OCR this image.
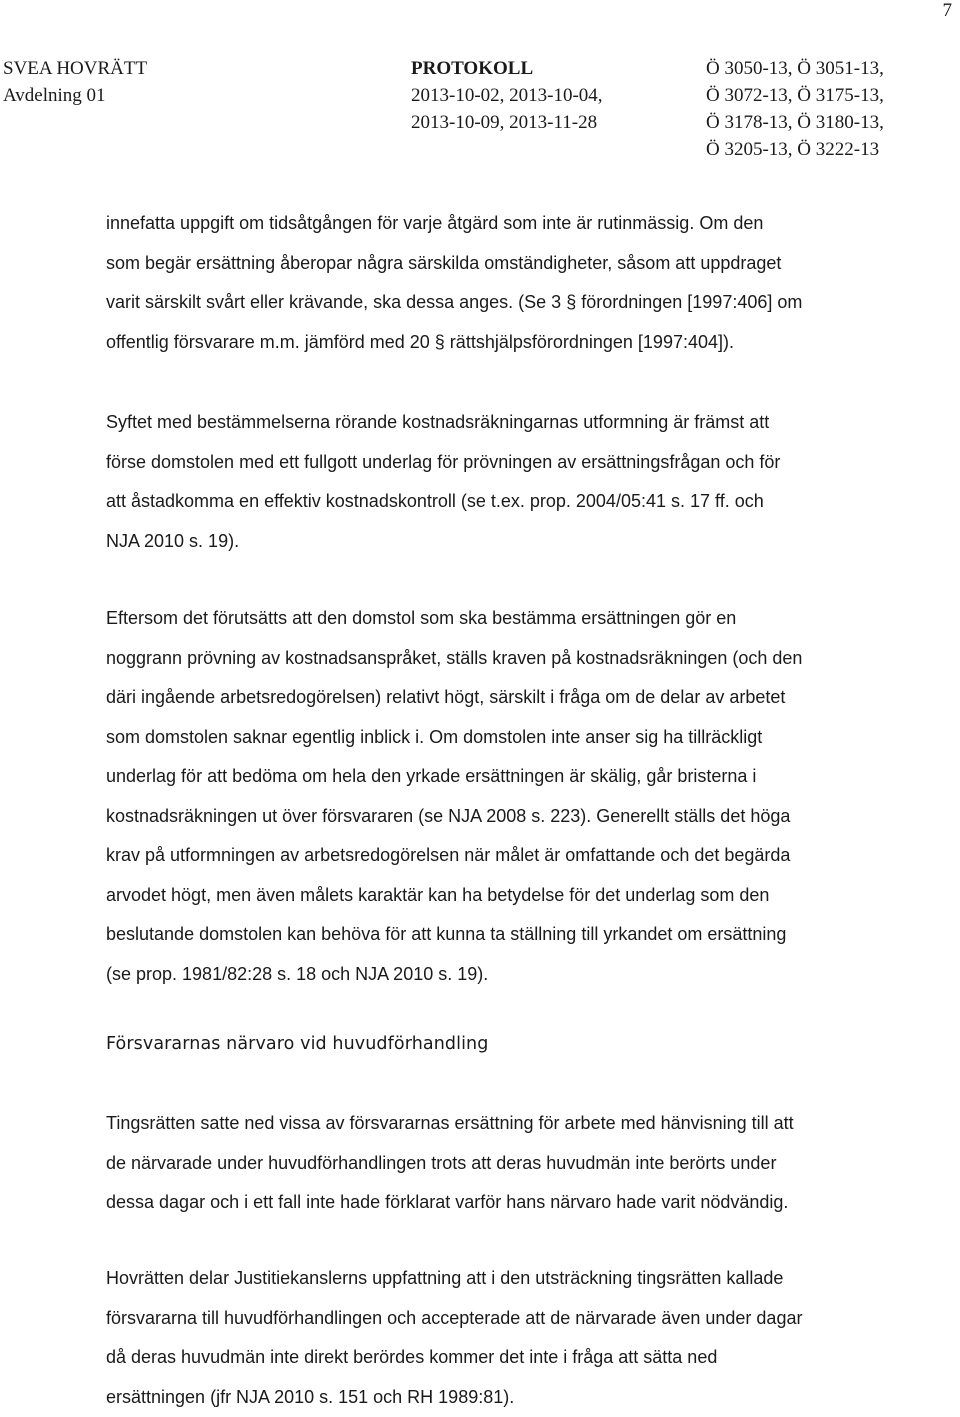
7
SVEA HOVRÄTT
Avdelning 01
PROTOKOLL
2013-10-02, 2013-10-04,
2013-10-09, 2013-11-28
Ö 3050-13, Ö 3051-13,
Ö 3072-13, Ö 3175-13,
Ö 3178-13, Ö 3180-13,
Ö 3205-13, Ö 3222-13
innefatta uppgift om tidsåtgången för varje åtgärd som inte är rutinmässig. Om den
som begär ersättning åberopar några särskilda omständigheter, såsom att uppdraget
varit särskilt svårt eller krävande, ska dessa anges. (Se 3 § förordningen [1997:406] om
offentlig försvarare m.m. jämförd med 20 § rättshjälpsförordningen [1997:404]).
Syftet med bestämmelserna rörande kostnadsräkningarnas utformning är främst att
förse domstolen med ett fullgott underlag för prövningen av ersättningsfrågan och för
att åstadkomma en effektiv kostnadskontroll (se t.ex. prop. 2004/05:41 s. 17 ff. och
NJA 2010 s. 19).
Eftersom det förutsätts att den domstol som ska bestämma ersättningen gör en
noggrann prövning av kostnadsanspråket, ställs kraven på kostnadsräkningen (och den
däri ingående arbetsredogörelsen) relativt högt, särskilt i fråga om de delar av arbetet
som domstolen saknar egentlig inblick i. Om domstolen inte anser sig ha tillräckligt
underlag för att bedöma om hela den yrkade ersättningen är skälig, går bristerna i
kostnadsräkningen ut över försvararen (se NJA 2008 s. 223). Generellt ställs det höga
krav på utformningen av arbetsredogörelsen när målet är omfattande och det begärda
arvodet högt, men även målets karaktär kan ha betydelse för det underlag som den
beslutande domstolen kan behöva för att kunna ta ställning till yrkandet om ersättning
(se prop. 1981/82:28 s. 18 och NJA 2010 s. 19).
Försvararnas närvaro vid huvudförhandling
Tingsrätten satte ned vissa av försvararnas ersättning för arbete med hänvisning till att
de närvarade under huvudförhandlingen trots att deras huvudmän inte berörts under
dessa dagar och i ett fall inte hade förklarat varför hans närvaro hade varit nödvändig.
Hovrätten delar Justitiekanslerns uppfattning att i den utsträckning tingsrätten kallade
försvararna till huvudförhandlingen och accepterade att de närvarade även under dagar
då deras huvudmän inte direkt berördes kommer det inte i fråga att sätta ned
ersättningen (jfr NJA 2010 s. 151 och RH 1989:81).
